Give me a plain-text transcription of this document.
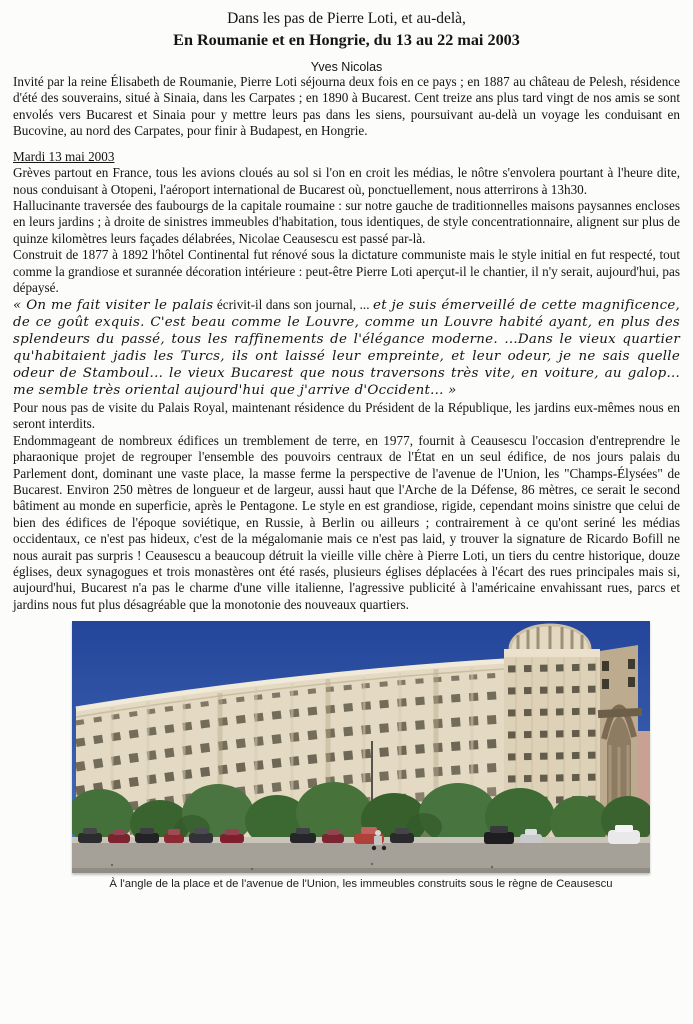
Dans les pas de Pierre Loti, et au-delà,
En Roumanie et en Hongrie, du 13 au 22 mai 2003
Yves Nicolas

Invité par la reine Élisabeth de Roumanie, Pierre Loti séjourna deux fois en ce pays ; en 1887 au château de Pelesh, résidence d'été des souverains, situé à Sinaia, dans les Carpates ; en 1890 à Bucarest. Cent treize ans plus tard vingt de nos amis se sont envolés vers Bucarest et Sinaia pour y mettre leurs pas dans les siens, poursuivant au-delà un voyage les conduisant en Bucovine, au nord des Carpates, pour finir à Budapest, en Hongrie.

Mardi 13 mai 2003

Grèves partout en France, tous les avions cloués au sol si l'on en croit les médias, le nôtre s'envolera pourtant à l'heure dite, nous conduisant à Otopeni, l'aéroport international de Bucarest où, ponctuellement, nous atterrirons à 13h30.

Hallucinante traversée des faubourgs de la capitale roumaine : sur notre gauche de traditionnelles maisons paysannes encloses en leurs jardins ; à droite de sinistres immeubles d'habitation, tous identiques, de style concentrationnaire, alignent sur plus de quinze kilomètres leurs façades délabrées, Nicolae Ceausescu est passé par-là.

Construit de 1877 à 1892 l'hôtel Continental fut rénové sous la dictature communiste mais le style initial en fut respecté, tout comme la grandiose et surannée décoration intérieure : peut-être Pierre Loti aperçut-il le chantier, il n'y serait, aujourd'hui, pas dépaysé.

« On me fait visiter le palais écrivit-il dans son journal, ... et je suis émerveillé de cette magnificence, de ce goût exquis. C'est beau comme le Louvre, comme un Louvre habité ayant, en plus des splendeurs du passé, tous les raffinements de l'élégance moderne. ...Dans le vieux quartier qu'habitaient jadis les Turcs, ils ont laissé leur empreinte, et leur odeur, je ne sais quelle odeur de Stamboul... le vieux Bucarest que nous traversons très vite, en voiture, au galop... me semble très oriental aujourd'hui que j'arrive d'Occident... »

Pour nous pas de visite du Palais Royal, maintenant résidence du Président de la République, les jardins eux-mêmes nous en seront interdits.

Endommageant de nombreux édifices un tremblement de terre, en 1977, fournit à Ceausescu l'occasion d'entreprendre le pharaonique projet de regrouper l'ensemble des pouvoirs centraux de l'État en un seul édifice, de nos jours palais du Parlement dont, dominant une vaste place, la masse ferme la perspective de l'avenue de l'Union, les "Champs-Élysées" de Bucarest. Environ 250 mètres de longueur et de largeur, aussi haut que l'Arche de la Défense, 86 mètres, ce serait le second bâtiment au monde en superficie, après le Pentagone. Le style en est grandiose, rigide, cependant moins sinistre que celui de bien des édifices de l'époque soviétique, en Russie, à Berlin ou ailleurs ; contrairement à ce qu'ont seriné les médias occidentaux, ce n'est pas hideux, c'est de la mégalomanie mais ce n'est pas laid, y trouver la signature de Ricardo Bofill ne nous aurait pas surpris ! Ceausescu a beaucoup détruit la vieille ville chère à Pierre Loti, un tiers du centre historique, douze églises, deux synagogues et trois monastères ont été rasés, plusieurs églises déplacées à l'écart des rues principales mais si, aujourd'hui, Bucarest n'a pas le charme d'une ville italienne, l'agressive publicité à l'américaine envahissant rues, parcs et jardins nous fut plus désagréable que la monotonie des nouveaux quartiers.

À l'angle de la place et de l'avenue de l'Union, les immeubles construits sous le règne de Ceausescu
